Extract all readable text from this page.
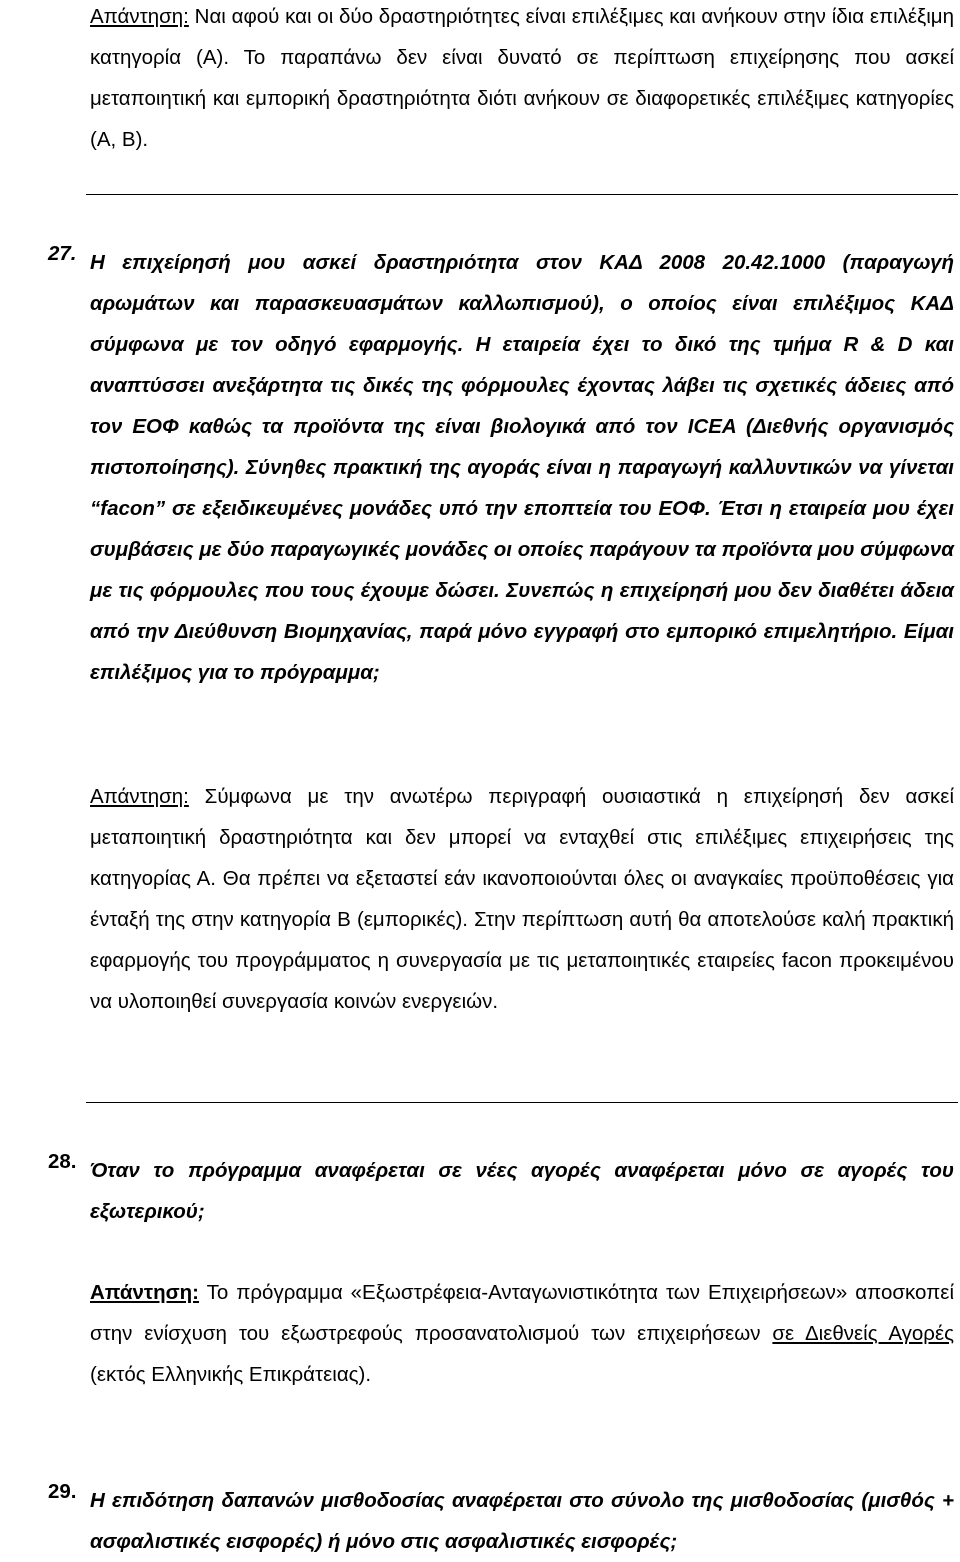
Απάντηση: Ναι αφού και οι δύο δραστηριότητες είναι επιλέξιμες και ανήκουν στην ίδια επιλέξιμη κατηγορία (Α). Το παραπάνω δεν είναι δυνατό σε περίπτωση επιχείρησης που ασκεί μεταποιητική και εμπορική δραστηριότητα διότι ανήκουν σε διαφορετικές επιλέξιμες κατηγορίες (Α, Β).

27. Η επιχείρησή μου ασκεί δραστηριότητα στον ΚΑΔ 2008 20.42.1000 (παραγωγή αρωμάτων και παρασκευασμάτων καλλωπισμού), ο οποίος είναι επιλέξιμος ΚΑΔ σύμφωνα με τον οδηγό εφαρμογής. Η εταιρεία έχει το δικό της τμήμα R & D και αναπτύσσει ανεξάρτητα τις δικές της φόρμουλες έχοντας λάβει τις σχετικές άδειες από τον ΕΟΦ καθώς τα προϊόντα της είναι βιολογικά από τον ICEA (Διεθνής οργανισμός πιστοποίησης). Σύνηθες πρακτική της αγοράς είναι η παραγωγή καλλυντικών να γίνεται “facon” σε εξειδικευμένες μονάδες υπό την εποπτεία του ΕΟΦ. Έτσι η εταιρεία μου έχει συμβάσεις με δύο παραγωγικές μονάδες οι οποίες παράγουν τα προϊόντα μου σύμφωνα με τις φόρμουλες που τους έχουμε δώσει. Συνεπώς η επιχείρησή μου δεν διαθέτει άδεια από την Διεύθυνση Βιομηχανίας, παρά μόνο εγγραφή στο εμπορικό επιμελητήριο. Είμαι επιλέξιμος για το πρόγραμμα;

Απάντηση: Σύμφωνα με την ανωτέρω περιγραφή ουσιαστικά η επιχείρησή δεν ασκεί μεταποιητική δραστηριότητα και δεν μπορεί να ενταχθεί στις επιλέξιμες επιχειρήσεις της κατηγορίας Α. Θα πρέπει να εξεταστεί εάν ικανοποιούνται όλες οι αναγκαίες προϋποθέσεις για ένταξή της στην κατηγορία Β (εμπορικές). Στην περίπτωση αυτή θα αποτελούσε καλή πρακτική εφαρμογής του προγράμματος η συνεργασία με τις μεταποιητικές εταιρείες facon προκειμένου να υλοποιηθεί συνεργασία κοινών ενεργειών.

28. Όταν το πρόγραμμα αναφέρεται σε νέες αγορές αναφέρεται μόνο σε αγορές του εξωτερικού;

Απάντηση: Το πρόγραμμα «Εξωστρέφεια-Ανταγωνιστικότητα των Επιχειρήσεων» αποσκοπεί στην ενίσχυση του εξωστρεφούς προσανατολισμού των επιχειρήσεων σε Διεθνείς Αγορές (εκτός Ελληνικής Επικράτειας).

29. Η επιδότηση δαπανών μισθοδοσίας αναφέρεται στο σύνολο της μισθοδοσίας (μισθός + ασφαλιστικές εισφορές) ή μόνο στις ασφαλιστικές εισφορές;
